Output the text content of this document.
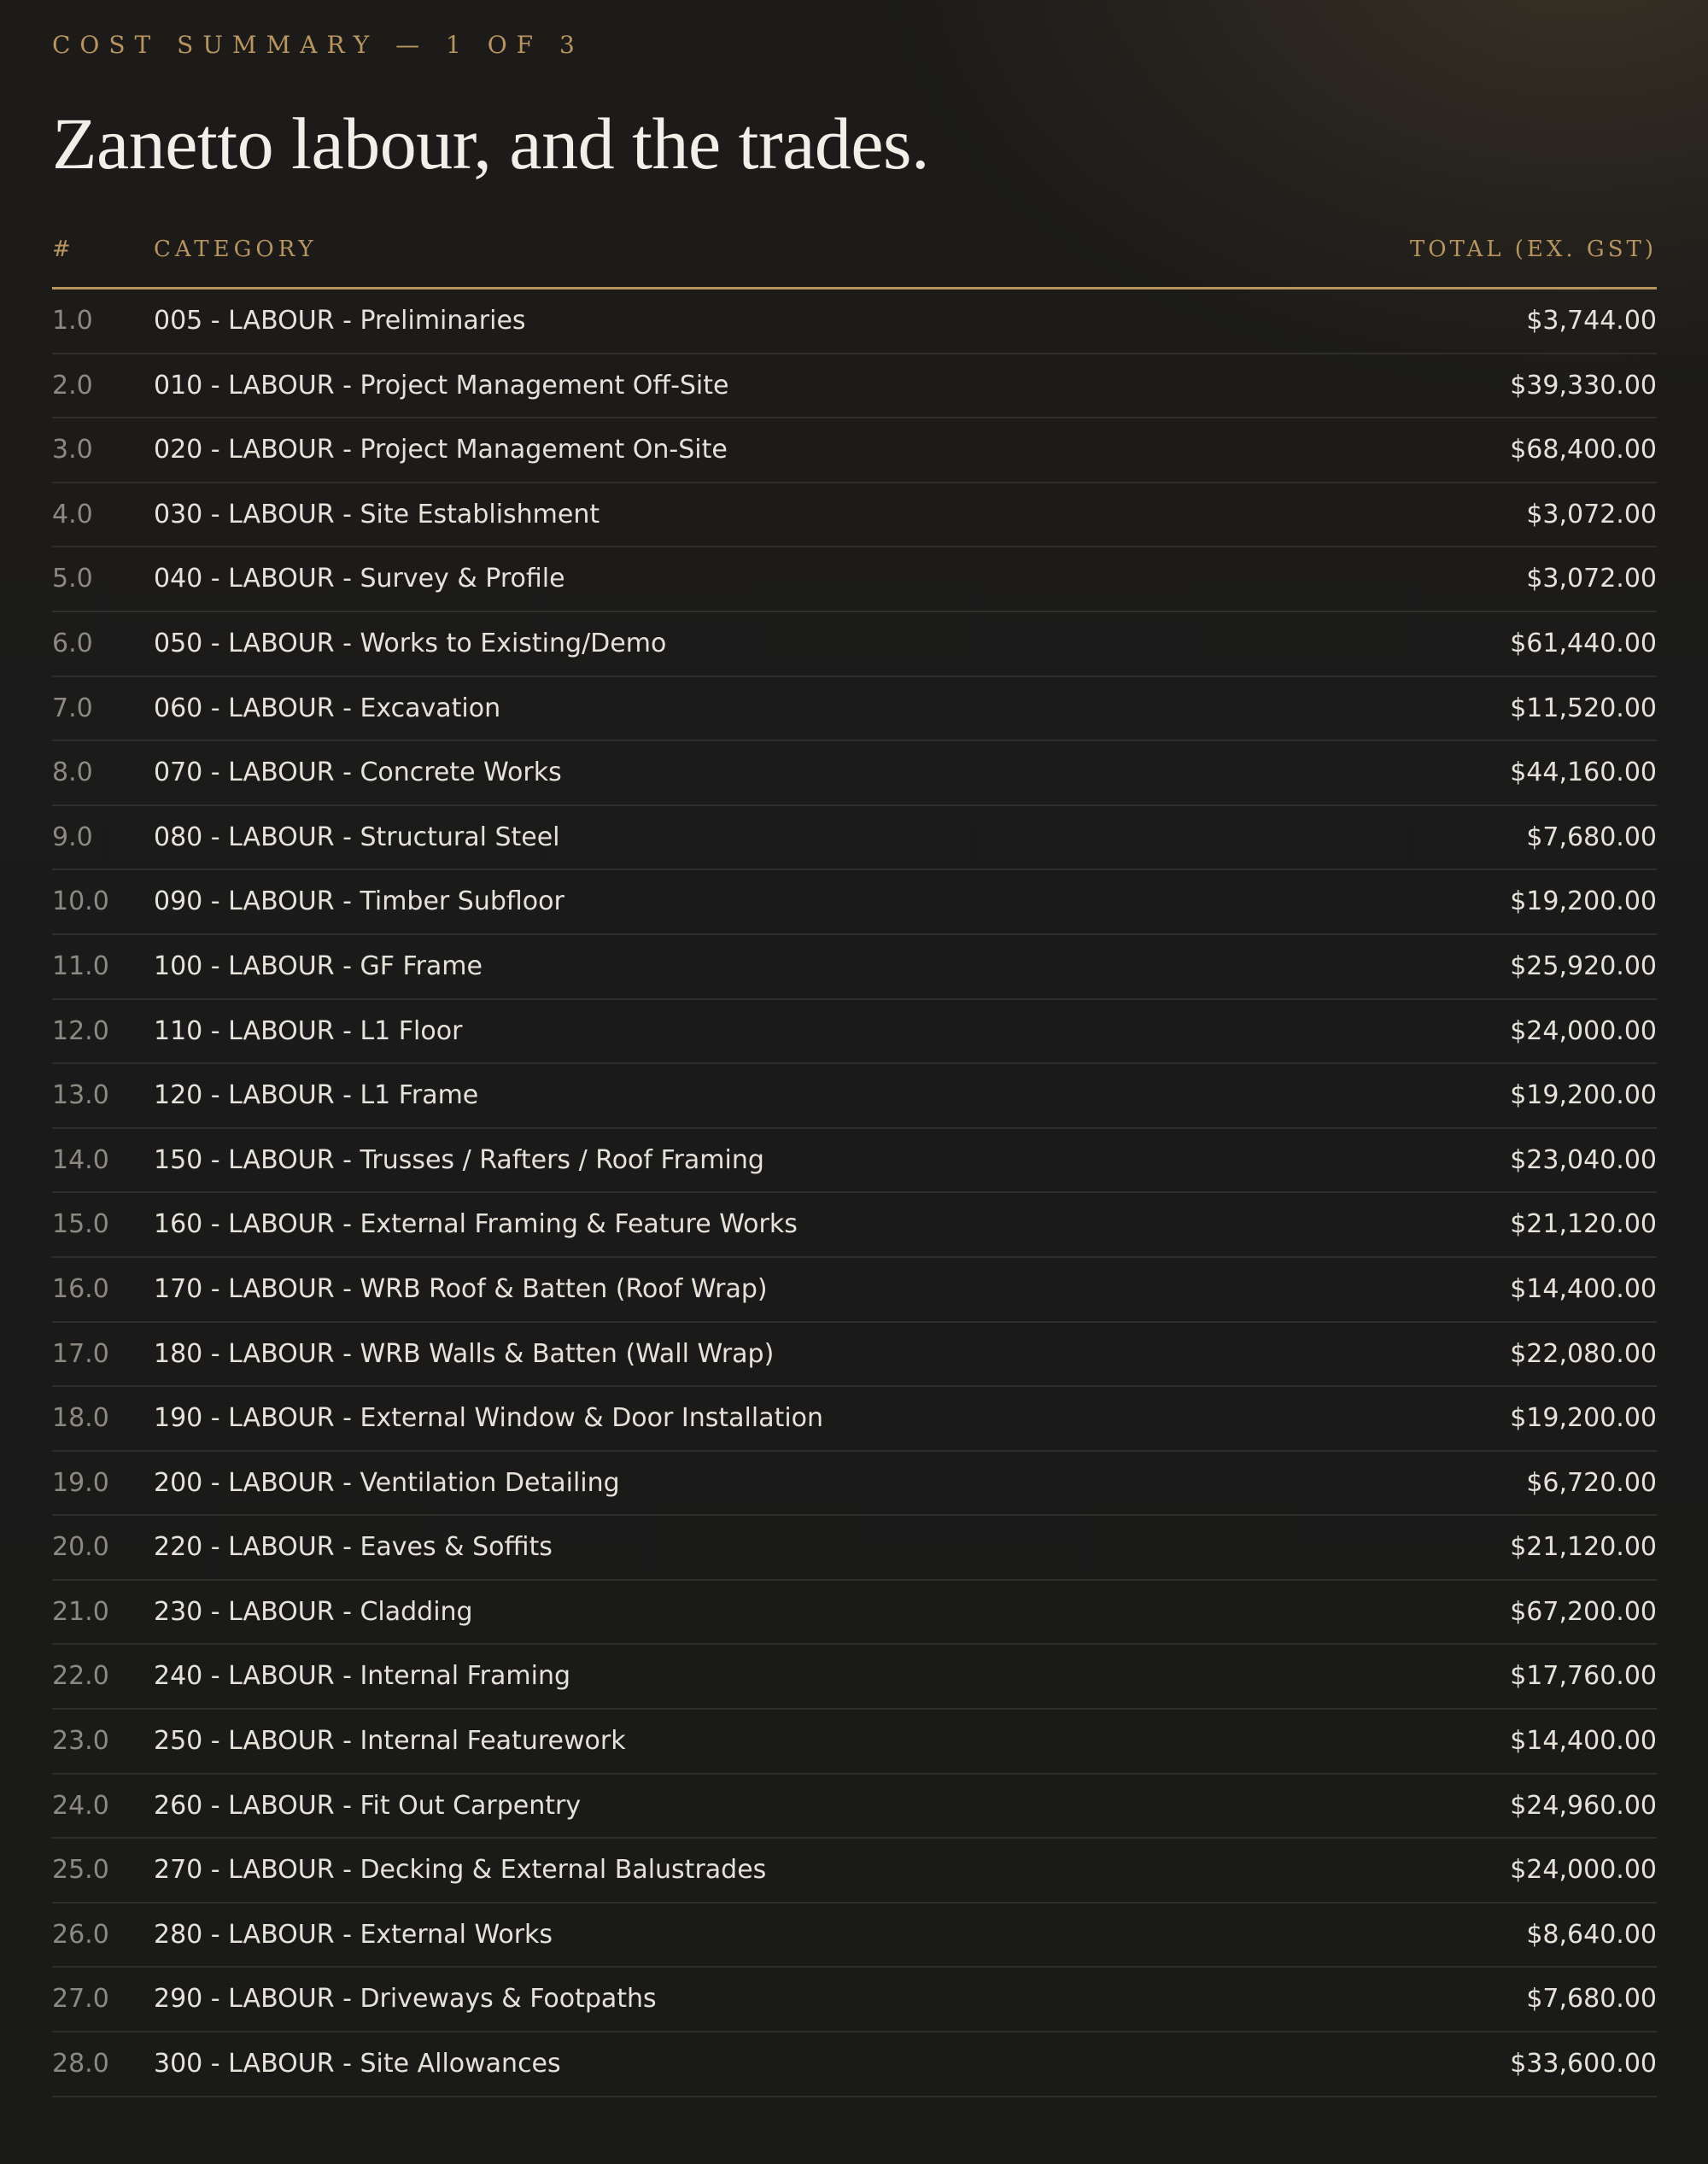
COST SUMMARY — 1 OF 3
Zanetto labour, and the trades.
#	CATEGORY	TOTAL (EX. GST)
1.0 005 - LABOUR - Preliminaries	$3,744.00
2.0 010 - LABOUR - Project Management Off-Site	$39,330.00
3.0 020 - LABOUR - Project Management On-Site	$68,400.00
4.0 030 - LABOUR - Site Establishment	$3,072.00
5.0 040 - LABOUR - Survey & Profile	$3,072.00
6.0 050 - LABOUR - Works to Existing/Demo	$61,440.00
7.0 060 - LABOUR - Excavation	$11,520.00
8.0 070 - LABOUR - Concrete Works	$44,160.00
9.0 080 - LABOUR - Structural Steel	$7,680.00
10.0 090 - LABOUR - Timber Subfloor	$19,200.00
11.0 100 - LABOUR - GF Frame	$25,920.00
12.0 110 - LABOUR - L1 Floor	$24,000.00
13.0 120 - LABOUR - L1 Frame	$19,200.00
14.0 150 - LABOUR - Trusses / Rafters / Roof Framing	$23,040.00
15.0 160 - LABOUR - External Framing & Feature Works	$21,120.00
16.0 170 - LABOUR - WRB Roof & Batten (Roof Wrap)	$14,400.00
17.0 180 - LABOUR - WRB Walls & Batten (Wall Wrap)	$22,080.00
18.0 190 - LABOUR - External Window & Door Installation	$19,200.00
19.0 200 - LABOUR - Ventilation Detailing	$6,720.00
20.0 220 - LABOUR - Eaves & Soffits	$21,120.00
21.0 230 - LABOUR - Cladding	$67,200.00
22.0 240 - LABOUR - Internal Framing	$17,760.00
23.0 250 - LABOUR - Internal Featurework	$14,400.00
24.0 260 - LABOUR - Fit Out Carpentry	$24,960.00
25.0 270 - LABOUR - Decking & External Balustrades	$24,000.00
26.0 280 - LABOUR - External Works	$8,640.00
27.0 290 - LABOUR - Driveways & Footpaths	$7,680.00
28.0 300 - LABOUR - Site Allowances	$33,600.00
